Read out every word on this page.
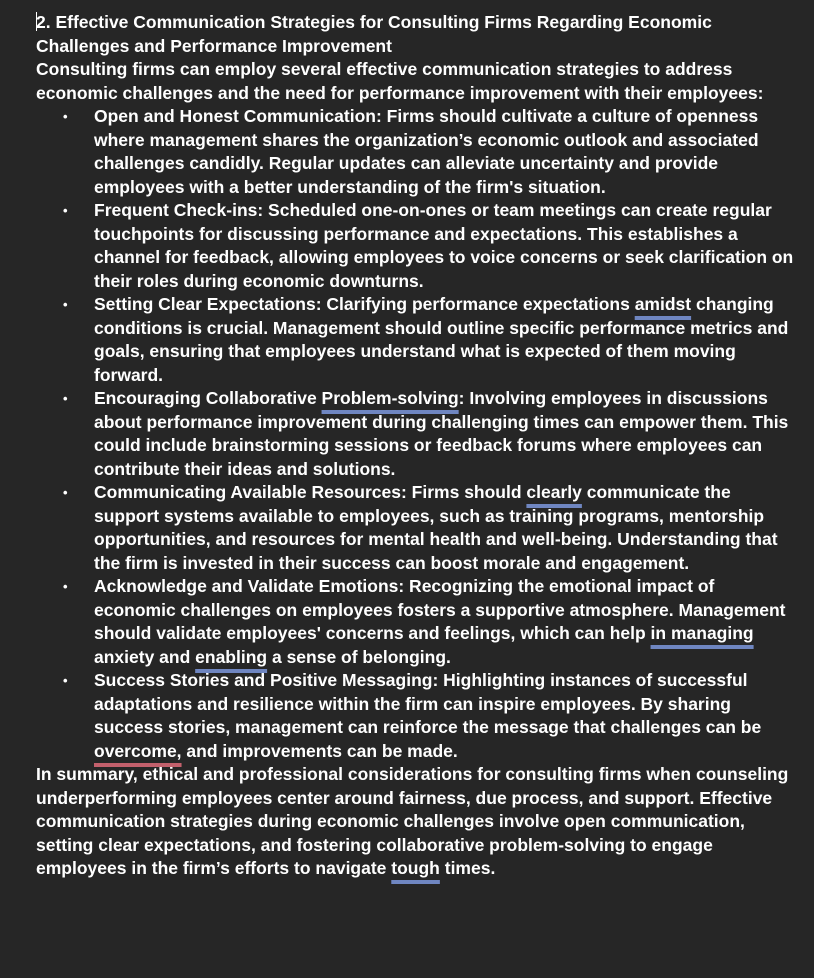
2. Effective Communication Strategies for Consulting Firms Regarding Economic Challenges and Performance Improvement

Consulting firms can employ several effective communication strategies to address economic challenges and the need for performance improvement with their employees:

• Open and Honest Communication: Firms should cultivate a culture of openness where management shares the organization’s economic outlook and associated challenges candidly. Regular updates can alleviate uncertainty and provide employees with a better understanding of the firm's situation.
• Frequent Check-ins: Scheduled one-on-ones or team meetings can create regular touchpoints for discussing performance and expectations. This establishes a channel for feedback, allowing employees to voice concerns or seek clarification on their roles during economic downturns.
• Setting Clear Expectations: Clarifying performance expectations amidst changing conditions is crucial. Management should outline specific performance metrics and goals, ensuring that employees understand what is expected of them moving forward.
• Encouraging Collaborative Problem-solving: Involving employees in discussions about performance improvement during challenging times can empower them. This could include brainstorming sessions or feedback forums where employees can contribute their ideas and solutions.
• Communicating Available Resources: Firms should clearly communicate the support systems available to employees, such as training programs, mentorship opportunities, and resources for mental health and well-being. Understanding that the firm is invested in their success can boost morale and engagement.
• Acknowledge and Validate Emotions: Recognizing the emotional impact of economic challenges on employees fosters a supportive atmosphere. Management should validate employees' concerns and feelings, which can help in managing anxiety and enabling a sense of belonging.
• Success Stories and Positive Messaging: Highlighting instances of successful adaptations and resilience within the firm can inspire employees. By sharing success stories, management can reinforce the message that challenges can be overcome, and improvements can be made.

In summary, ethical and professional considerations for consulting firms when counseling underperforming employees center around fairness, due process, and support. Effective communication strategies during economic challenges involve open communication, setting clear expectations, and fostering collaborative problem-solving to engage employees in the firm’s efforts to navigate tough times.
